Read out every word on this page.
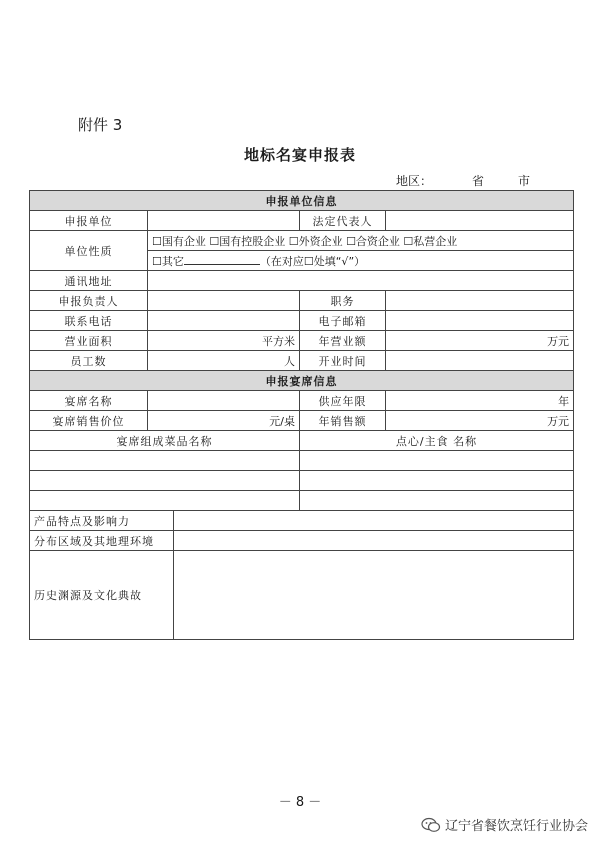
附件 3
地标名宴申报表
地区：	省	市
申报单位信息				
申报单位			法定代表人	
单位性质	☐国有企业 ☐国有控股企业 ☐外资企业 ☐合资企业 ☐私营企业			
	☐其它 （在对应☐处填“√”）			
通讯地址				
申报负责人			职务	
联系电话			电子邮箱	
营业面积	平方米		年营业额	万元
员工数	人		开业时间	
申报宴席信息				
宴席名称			供应年限	年
宴席销售价位	元/桌		年销售额	万元
宴席组成菜品名称			点心/主食 名称	

产品特点及影响力				
分布区域及其地理环境				
历史渊源及文化典故				
－ 8 －
辽宁省餐饮烹饪行业协会
